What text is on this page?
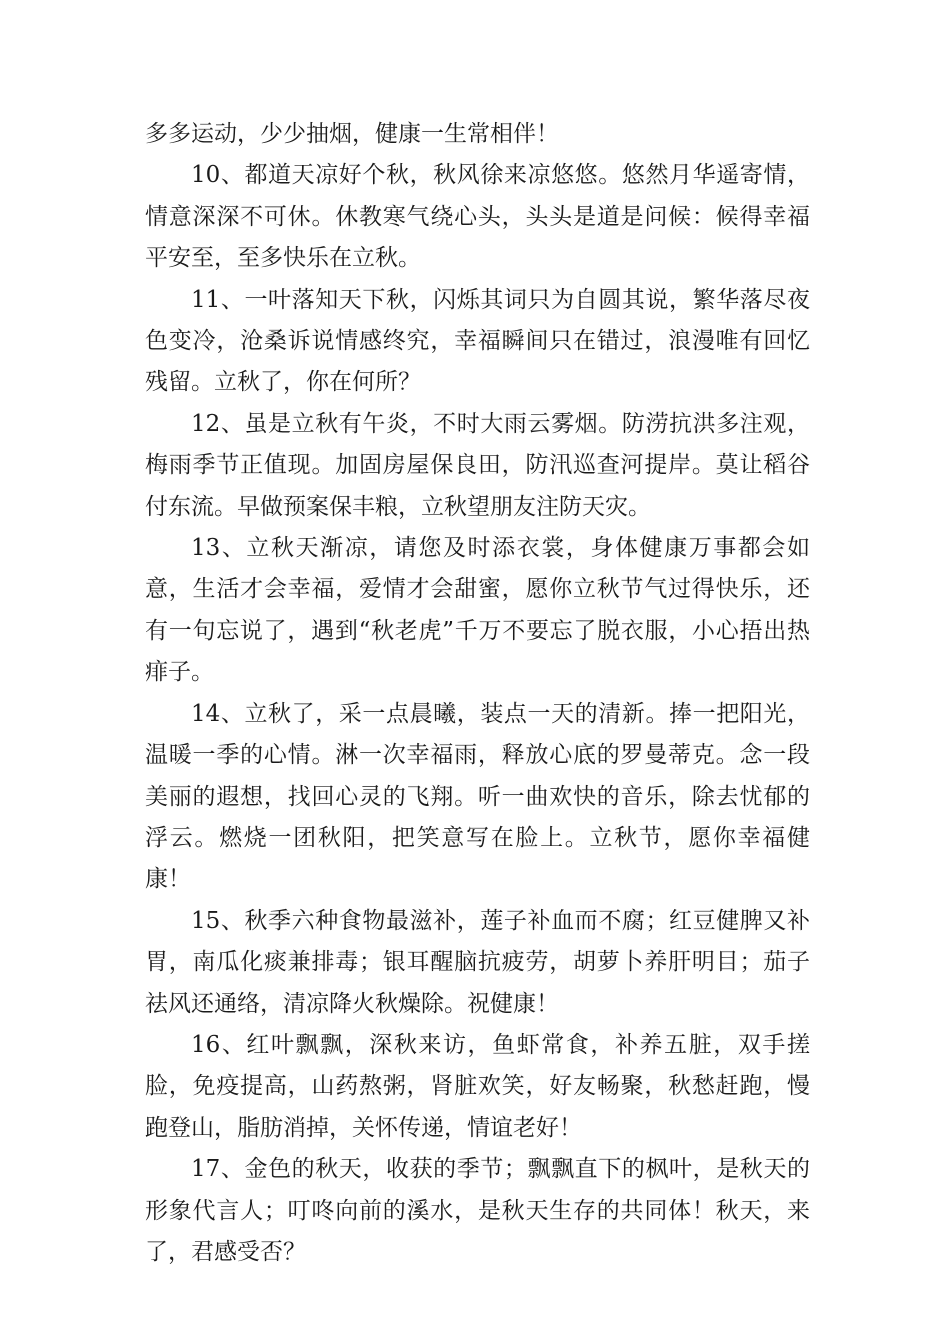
多多运动，少少抽烟，健康一生常相伴！

10、都道天凉好个秋，秋风徐来凉悠悠。悠然月华遥寄情，情意深深不可休。休教寒气绕心头，头头是道是问候：候得幸福平安至，至多快乐在立秋。

11、一叶落知天下秋，闪烁其词只为自圆其说，繁华落尽夜色变冷，沧桑诉说情感终究，幸福瞬间只在错过，浪漫唯有回忆残留。立秋了，你在何所？

12、虽是立秋有午炎，不时大雨云雾烟。防涝抗洪多注观，梅雨季节正值现。加固房屋保良田，防汛巡查河提岸。莫让稻谷付东流。早做预案保丰粮，立秋望朋友注防天灾。

13、立秋天渐凉，请您及时添衣裳，身体健康万事都会如意，生活才会幸福，爱情才会甜蜜，愿你立秋节气过得快乐，还有一句忘说了，遇到“秋老虎”千万不要忘了脱衣服，小心捂出热痱子。

14、立秋了，采一点晨曦，装点一天的清新。捧一把阳光，温暖一季的心情。淋一次幸福雨，释放心底的罗曼蒂克。念一段美丽的遐想，找回心灵的飞翔。听一曲欢快的音乐，除去忧郁的浮云。燃烧一团秋阳，把笑意写在脸上。立秋节，愿你幸福健康！

15、秋季六种食物最滋补，莲子补血而不腐；红豆健脾又补胃，南瓜化痰兼排毒；银耳醒脑抗疲劳，胡萝卜养肝明目；茄子祛风还通络，清凉降火秋燥除。祝健康！

16、红叶飘飘，深秋来访，鱼虾常食，补养五脏，双手搓脸，免疫提高，山药熬粥，肾脏欢笑，好友畅聚，秋愁赶跑，慢跑登山，脂肪消掉，关怀传递，情谊老好！

17、金色的秋天，收获的季节；飘飘直下的枫叶，是秋天的形象代言人；叮咚向前的溪水，是秋天生存的共同体！秋天，来了，君感受否？
